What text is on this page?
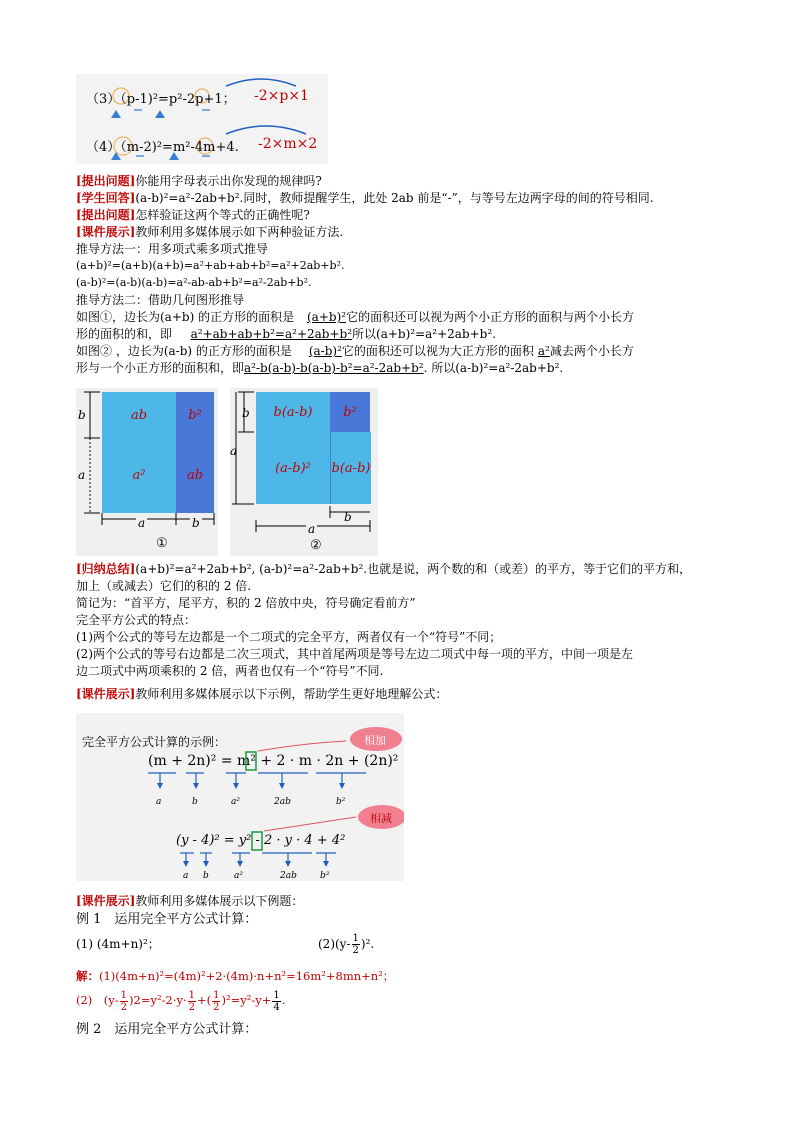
（3）（p-1)²=p²-2p+1； -2×p×1
（4）（m-2)²=m²-4m+4. -2×m×2
[提出问题]你能用字母表示出你发现的规律吗?
[学生回答](a-b)²=a²-2ab+b².同时，教师提醒学生，此处 2ab 前是“-”，与等号左边两字母的间的符号相同.
[提出问题]怎样验证这两个等式的正确性呢?
[课件展示]教师利用多媒体展示如下两种验证方法.
推导方法一：用多项式乘多项式推导
(a+b)²=(a+b)(a+b)=a²+ab+ab+b²=a²+2ab+b².
(a-b)²=(a-b)(a-b)=a²-ab-ab+b²=a²-2ab+b².
推导方法二：借助几何图形推导
如图①，边长为(a+b) 的正方形的面积是 (a+b)²它的面积还可以视为两个小正方形的面积与两个小长方
形的面积的和，即 a²+ab+ab+b²=a²+2ab+b²所以(a+b)²=a²+2ab+b².
如图② ，边长为(a-b) 的正方形的面积是 (a-b)²它的面积还可以视为大正方形的面积 a²减去两个小长方
形与一个小正方形的面积和，即a²-b(a-b)-b(a-b)-b²=a²-2ab+b². 所以(a-b)²=a²-2ab+b².
ab	b²
a²	ab
b
a
a	b
①
b(a-b)	b²
(a-b)²	b(a-b)
b
a
b
a
②
[归纳总结](a+b)²=a²+2ab+b², (a-b)²=a²-2ab+b².也就是说，两个数的和（或差）的平方，等于它们的平方和，
加上（或减去）它们的积的 2 倍.
简记为：“首平方，尾平方，积的 2 倍放中央，符号确定看前方”
完全平方公式的特点：
(1)两个公式的等号左边都是一个二项式的完全平方，两者仅有一个“符号”不同；
(2)两个公式的等号右边都是二次三项式，其中首尾两项是等号左边二项式中每一项的平方，中间一项是左
边二项式中两项乘积的 2 倍，两者也仅有一个“符号”不同.
[课件展示]教师利用多媒体展示以下示例，帮助学生更好地理解公式：
完全平方公式计算的示例：
(m + 2n)² = m² + 2 · m · 2n + (2n)²
相加
相减
(y - 4)² = y² - 2 · y · 4 + 4²
a	b	a²	2ab	b²
a b	a²	2ab	b²
[课件展示]教师利用多媒体展示以下例题：
例 1　运用完全平方公式计算：
(1) (4m+n)²；	$(2)(y- \frac{1}{2} )^2$.
解：(1)(4m+n)²=(4m)²+2·(4m)·n+n²=16m²+8mn+n²；
(2)　$(y- \frac{1}{2} )2=y^2-2\cdot y\cdot \frac{1}{2}$ +( $\frac{1}{2} )^2=y^2-y+ \frac{1}{4}$ .
例 2　运用完全平方公式计算：
